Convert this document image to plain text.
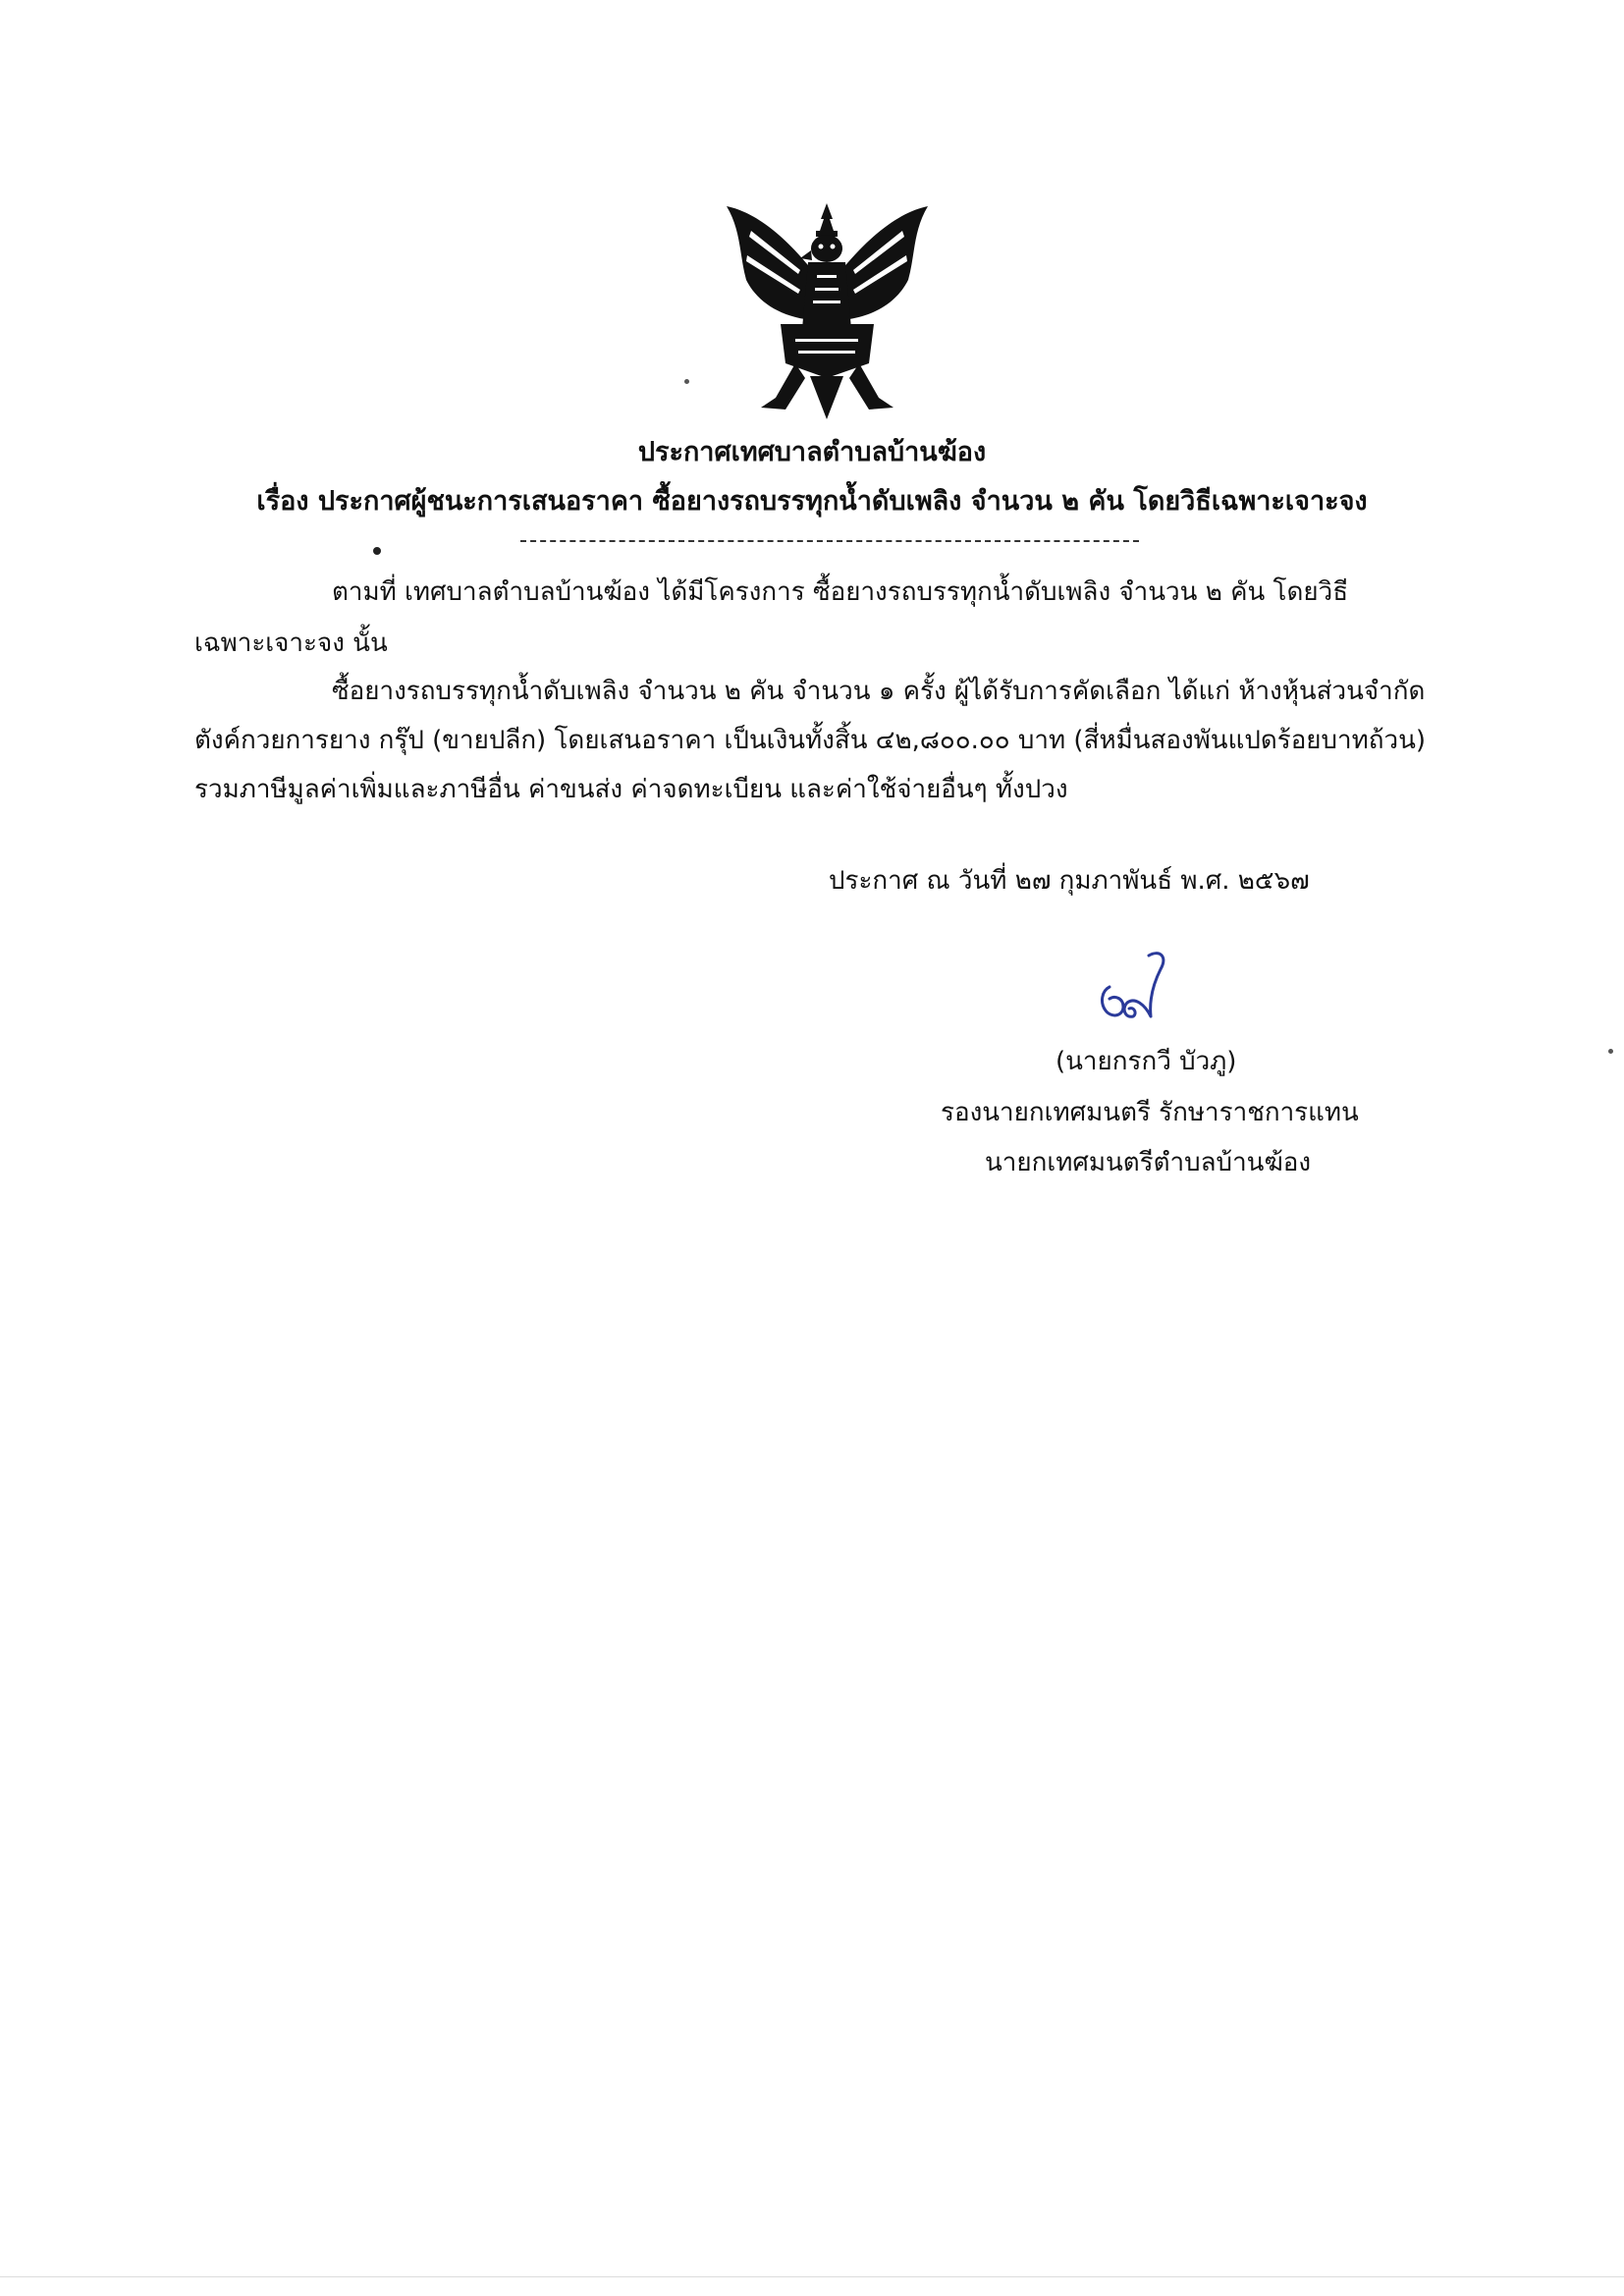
ประกาศเทศบาลตำบลบ้านฆ้อง
เรื่อง ประกาศผู้ชนะการเสนอราคา ซื้อยางรถบรรทุกน้ำดับเพลิง จำนวน ๒ คัน โดยวิธีเฉพาะเจาะจง
ตามที่ เทศบาลตำบลบ้านฆ้อง ได้มีโครงการ ซื้อยางรถบรรทุกน้ำดับเพลิง จำนวน ๒ คัน โดยวิธี
เฉพาะเจาะจง นั้น
ซื้อยางรถบรรทุกน้ำดับเพลิง จำนวน ๒ คัน จำนวน ๑ ครั้ง ผู้ได้รับการคัดเลือก ได้แก่ ห้างหุ้นส่วนจำกัด
ตังค์กวยการยาง กรุ๊ป (ขายปลีก) โดยเสนอราคา เป็นเงินทั้งสิ้น ๔๒,๘๐๐.๐๐ บาท (สี่หมื่นสองพันแปดร้อยบาทถ้วน)
รวมภาษีมูลค่าเพิ่มและภาษีอื่น ค่าขนส่ง ค่าจดทะเบียน และค่าใช้จ่ายอื่นๆ ทั้งปวง
ประกาศ ณ วันที่ ๒๗ กุมภาพันธ์ พ.ศ. ๒๕๖๗
(นายกรกวี บัวภู)
รองนายกเทศมนตรี รักษาราชการแทน
นายกเทศมนตรีตำบลบ้านฆ้อง
